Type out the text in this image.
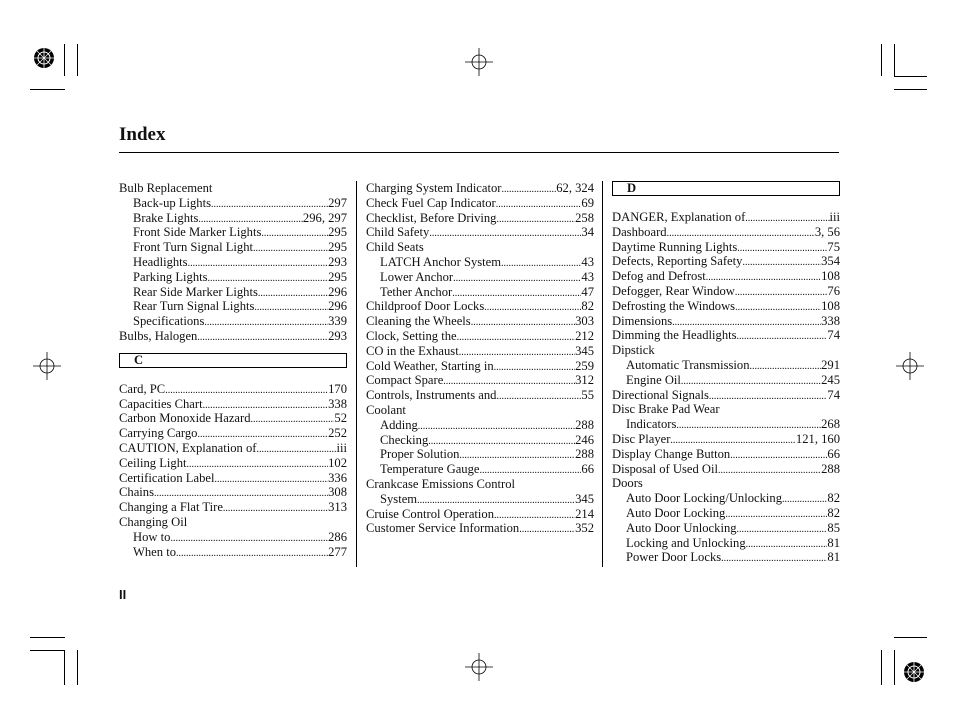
Index
Bulb Replacement
Back-up Lights .....	297
Brake Lights .....	296, 297
Front Side Marker Lights .....	295
Front Turn Signal Light .....	295
Headlights .....	293
Parking Lights .....	295
Rear Side Marker Lights .....	296
Rear Turn Signal Lights .....	296
Specifications .....	339
Bulbs, Halogen .....	293
C
Card, PC .....	170
Capacities Chart .....	338
Carbon Monoxide Hazard .....	52
Carrying Cargo .....	252
CAUTION, Explanation of .....	iii
Ceiling Light .....	102
Certification Label .....	336
Chains .....	308
Changing a Flat Tire .....	313
Changing Oil
How to .....	286
When to .....	277
Charging System Indicator .....	62, 324
Check Fuel Cap Indicator .....	69
Checklist, Before Driving .....	258
Child Safety .....	34
Child Seats
LATCH Anchor System .....	43
Lower Anchor .....	43
Tether Anchor .....	47
Childproof Door Locks .....	82
Cleaning the Wheels .....	303
Clock, Setting the .....	212
CO in the Exhaust .....	345
Cold Weather, Starting in .....	259
Compact Spare .....	312
Controls, Instruments and .....	55
Coolant
Adding .....	288
Checking .....	246
Proper Solution .....	288
Temperature Gauge .....	66
Crankcase Emissions Control
System .....	345
Cruise Control Operation .....	214
Customer Service Information .....	352
D
DANGER, Explanation of .....	iii
Dashboard .....	3, 56
Daytime Running Lights .....	75
Defects, Reporting Safety .....	354
Defog and Defrost .....	108
Defogger, Rear Window .....	76
Defrosting the Windows .....	108
Dimensions .....	338
Dimming the Headlights .....	74
Dipstick
Automatic Transmission .....	291
Engine Oil .....	245
Directional Signals .....	74
Disc Brake Pad Wear
Indicators .....	268
Disc Player .....	121, 160
Display Change Button .....	66
Disposal of Used Oil .....	288
Doors
Auto Door Locking/Unlocking .....	82
Auto Door Locking .....	82
Auto Door Unlocking .....	85
Locking and Unlocking .....	81
Power Door Locks .....	81
II
